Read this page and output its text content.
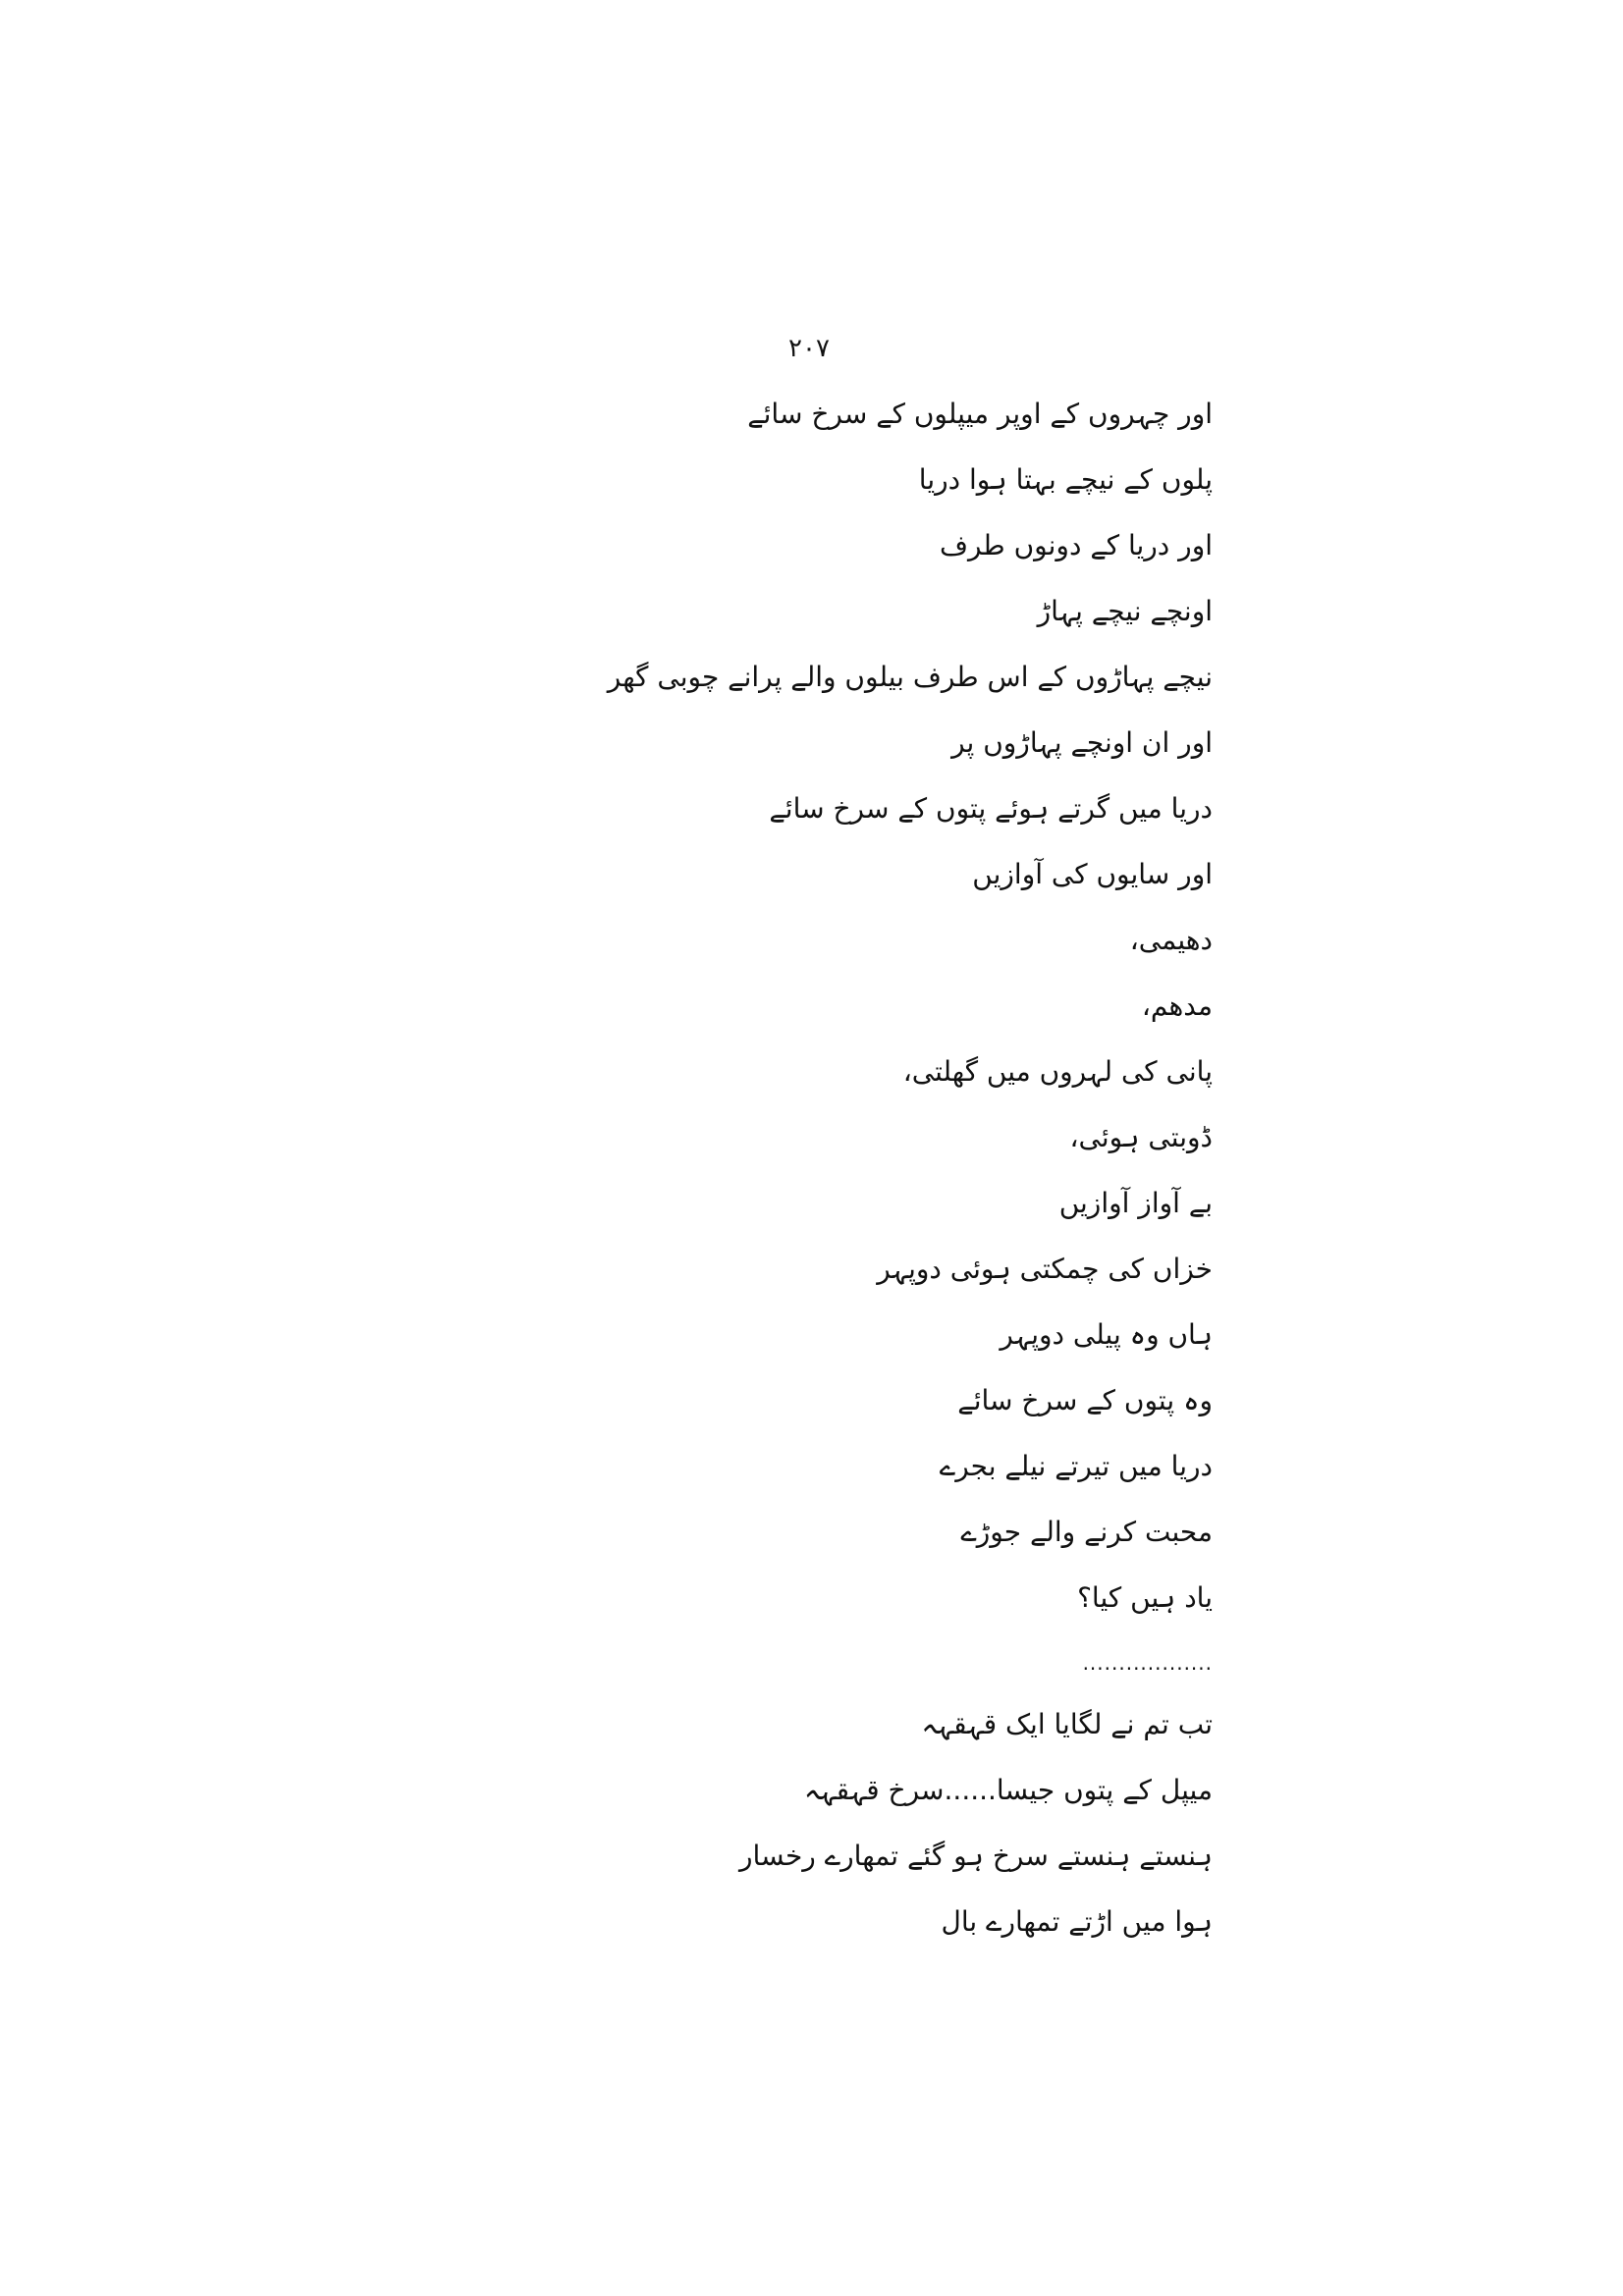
۲۰۷
اور چہروں کے اوپر میپلوں کے سرخ سائے
پلوں کے نیچے بہتا ہوا دریا
اور دریا کے دونوں طرف
اونچے نیچے پہاڑ
نیچے پہاڑوں کے اس طرف بیلوں والے پرانے چوبی گھر
اور ان اونچے پہاڑوں پر
دریا میں گرتے ہوئے پتوں کے سرخ سائے
اور سایوں کی آوازیں
دھیمی،
مدھم،
پانی کی لہروں میں گھلتی،
ڈوبتی ہوئی،
بے آواز آوازیں
خزاں کی چمکتی ہوئی دوپہر
ہاں وہ پیلی دوپہر
وہ پتوں کے سرخ سائے
دریا میں تیرتے نیلے بجرے
محبت کرنے والے جوڑے
یاد ہیں کیا؟
..................
تب تم نے لگایا ایک قہقہہ
میپل کے پتوں جیسا......سرخ قہقہہ
ہنستے ہنستے سرخ ہو گئے تمھارے رخسار
ہوا میں اڑتے تمھارے بال
